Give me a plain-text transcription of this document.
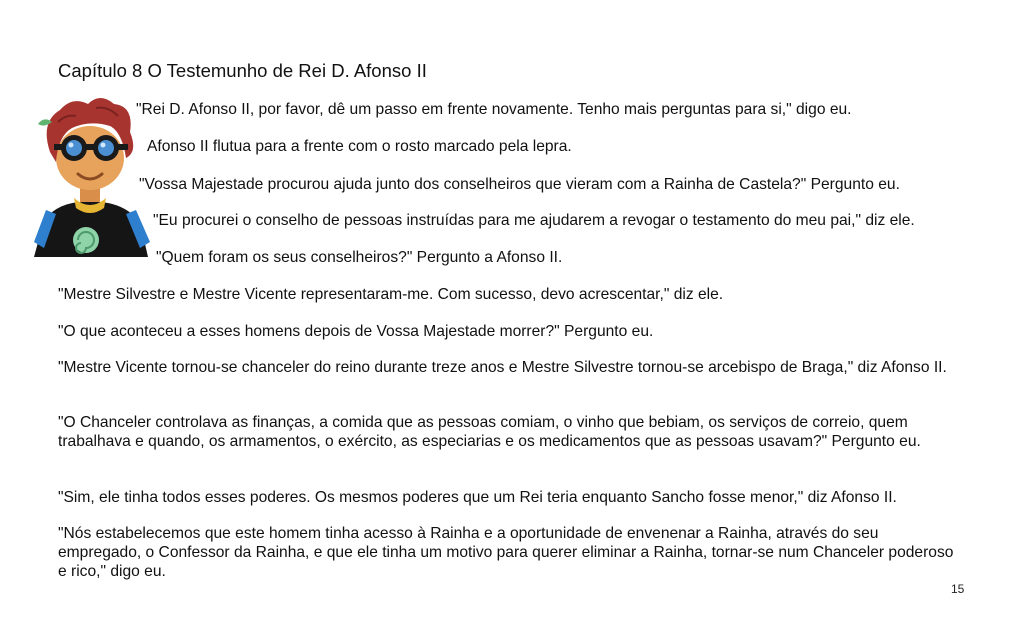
Capítulo 8 O Testemunho de Rei D. Afonso II
"Rei D. Afonso II, por favor, dê um passo em frente novamente. Tenho mais perguntas para si," digo eu.
Afonso II flutua para a frente com o rosto marcado pela lepra.
"Vossa Majestade procurou ajuda junto dos conselheiros que vieram com a Rainha de Castela?" Pergunto eu.
"Eu procurei o conselho de pessoas instruídas para me ajudarem a revogar o testamento do meu pai," diz ele.
"Quem foram os seus conselheiros?" Pergunto a Afonso II.
"Mestre Silvestre e Mestre Vicente representaram-me. Com sucesso, devo acrescentar," diz ele.
"O que aconteceu a esses homens depois de Vossa Majestade morrer?" Pergunto eu.
"Mestre Vicente tornou-se chanceler do reino durante treze anos e Mestre Silvestre tornou-se arcebispo de Braga," diz Afonso II.
"O Chanceler controlava as finanças, a comida que as pessoas comiam, o vinho que bebiam, os serviços de correio, quem trabalhava e quando, os armamentos, o exército, as especiarias e os medicamentos que as pessoas usavam?" Pergunto eu.
"Sim, ele tinha todos esses poderes. Os mesmos poderes que um Rei teria enquanto Sancho fosse menor," diz Afonso II.
"Nós estabelecemos que este homem tinha acesso à Rainha e a oportunidade de envenenar a Rainha, através do seu empregado, o Confessor da Rainha, e que ele tinha um motivo para querer eliminar a Rainha, tornar-se num Chanceler poderoso e rico," digo eu.
15
